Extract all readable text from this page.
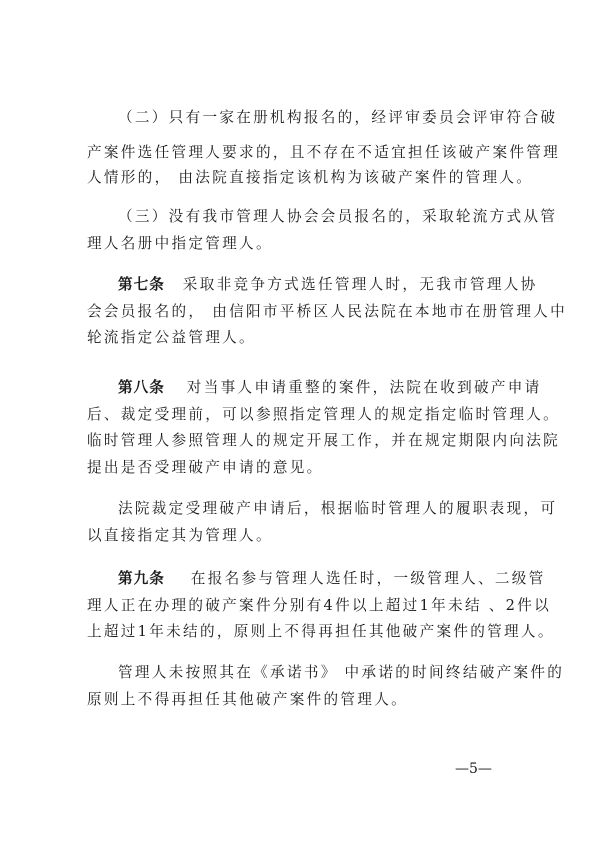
（二）只有一家在册机构报名的，经评审委员会评审符合破
产案件选任管理人要求的，且不存在不适宜担任该破产案件管理
人情形的， 由法院直接指定该机构为该破产案件的管理人。
（三）没有我市管理人协会会员报名的，采取轮流方式从管
理人名册中指定管理人。
第七条 采取非竞争方式选任管理人时，无我市管理人协
会会员报名的， 由信阳市平桥区人民法院在本地市在册管理人中
轮流指定公益管理人。
第八条 对当事人申请重整的案件，法院在收到破产申请
后、裁定受理前，可以参照指定管理人的规定指定临时管理人。
临时管理人参照管理人的规定开展工作，并在规定期限内向法院
提出是否受理破产申请的意见。
法院裁定受理破产申请后，根据临时管理人的履职表现，可
以直接指定其为管理人。
第九条 在报名参与管理人选任时，一级管理人、二级管
理人正在办理的破产案件分别有4件以上超过1年未结 、2件以
上超过1年未结的，原则上不得再担任其他破产案件的管理人。
管理人未按照其在《承诺书》 中承诺的时间终结破产案件的
原则上不得再担任其他破产案件的管理人。
—5—
